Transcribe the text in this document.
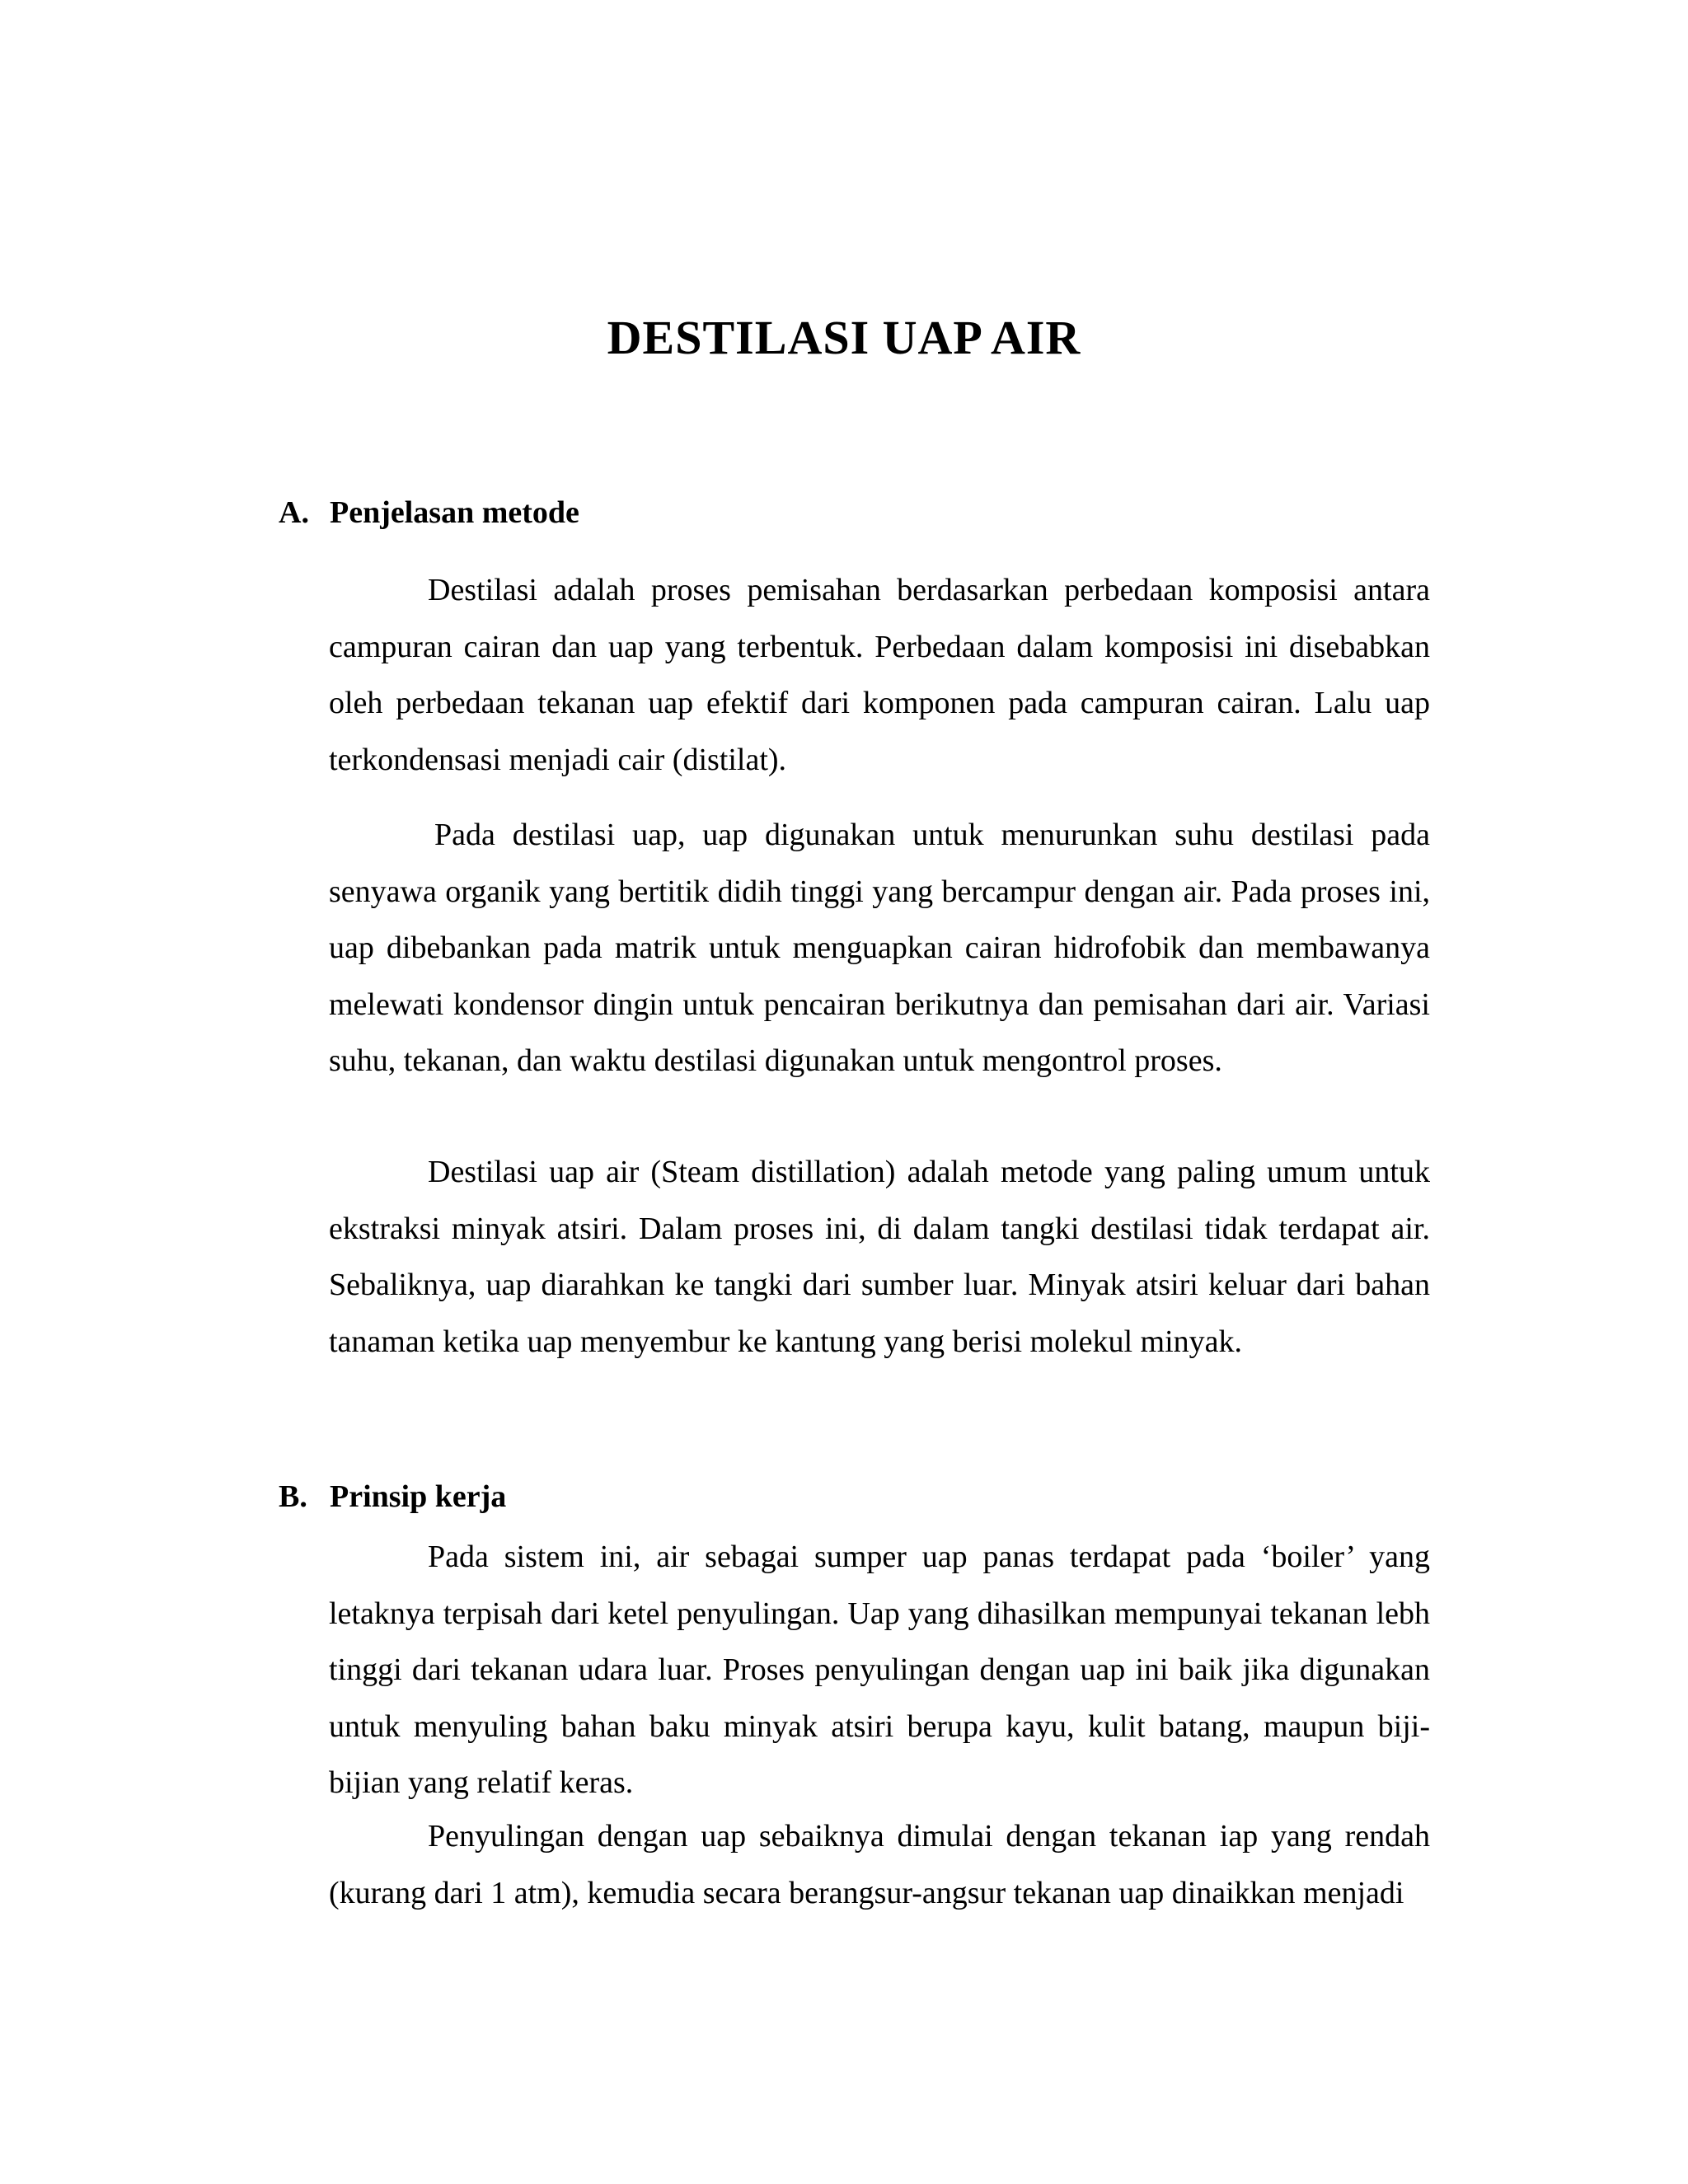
DESTILASI UAP AIR
A. Penjelasan metode

Destilasi adalah proses pemisahan berdasarkan perbedaan komposisi antara campuran cairan dan uap yang terbentuk. Perbedaan dalam komposisi ini disebabkan oleh perbedaan tekanan uap efektif dari komponen pada campuran cairan. Lalu uap terkondensasi menjadi cair (distilat).

Pada destilasi uap, uap digunakan untuk menurunkan suhu destilasi pada senyawa organik yang bertitik didih tinggi yang bercampur dengan air. Pada proses ini, uap dibebankan pada matrik untuk menguapkan cairan hidrofobik dan membawanya melewati kondensor dingin untuk pencairan berikutnya dan pemisahan dari air. Variasi suhu, tekanan, dan waktu destilasi digunakan untuk mengontrol proses.

Destilasi uap air (Steam distillation) adalah metode yang paling umum untuk ekstraksi minyak atsiri. Dalam proses ini, di dalam tangki destilasi tidak terdapat air. Sebaliknya, uap diarahkan ke tangki dari sumber luar. Minyak atsiri keluar dari bahan tanaman ketika uap menyembur ke kantung yang berisi molekul minyak.

B. Prinsip kerja

Pada sistem ini, air sebagai sumper uap panas terdapat pada ‘boiler’ yang letaknya terpisah dari ketel penyulingan. Uap yang dihasilkan mempunyai tekanan lebh tinggi dari tekanan udara luar. Proses penyulingan dengan uap ini baik jika digunakan untuk menyuling bahan baku minyak atsiri berupa kayu, kulit batang, maupun biji-bijian yang relatif keras.

Penyulingan dengan uap sebaiknya dimulai dengan tekanan iap yang rendah (kurang dari 1 atm), kemudia secara berangsur-angsur tekanan uap dinaikkan menjadi
